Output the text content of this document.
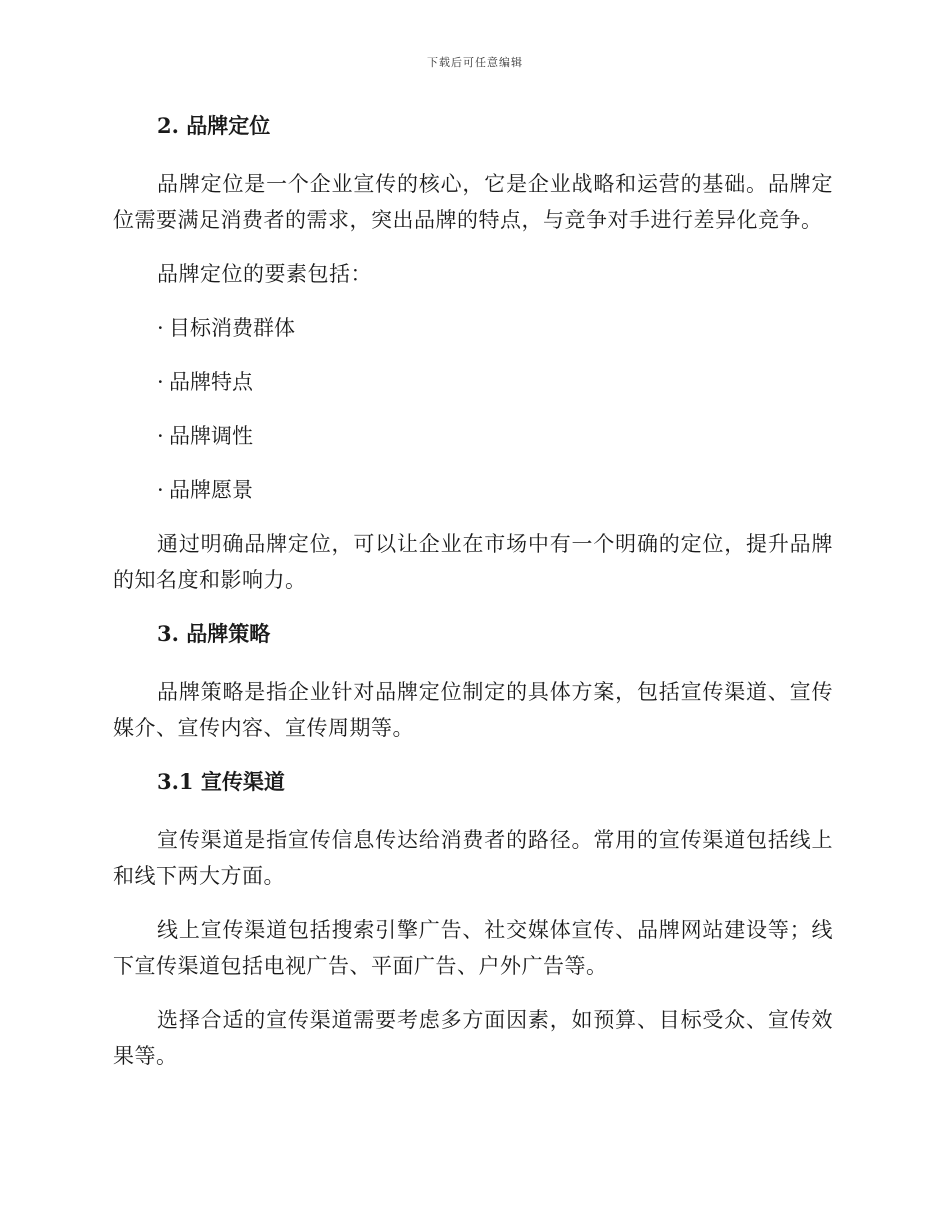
下载后可任意编辑
2. 品牌定位

品牌定位是一个企业宣传的核心，它是企业战略和运营的基础。品牌定位需要满足消费者的需求，突出品牌的特点，与竞争对手进行差异化竞争。

品牌定位的要素包括：

· 目标消费群体
· 品牌特点
· 品牌调性
· 品牌愿景

通过明确品牌定位，可以让企业在市场中有一个明确的定位，提升品牌的知名度和影响力。

3. 品牌策略

品牌策略是指企业针对品牌定位制定的具体方案，包括宣传渠道、宣传媒介、宣传内容、宣传周期等。

3.1 宣传渠道

宣传渠道是指宣传信息传达给消费者的路径。常用的宣传渠道包括线上和线下两大方面。

线上宣传渠道包括搜索引擎广告、社交媒体宣传、品牌网站建设等；线下宣传渠道包括电视广告、平面广告、户外广告等。

选择合适的宣传渠道需要考虑多方面因素，如预算、目标受众、宣传效果等。
